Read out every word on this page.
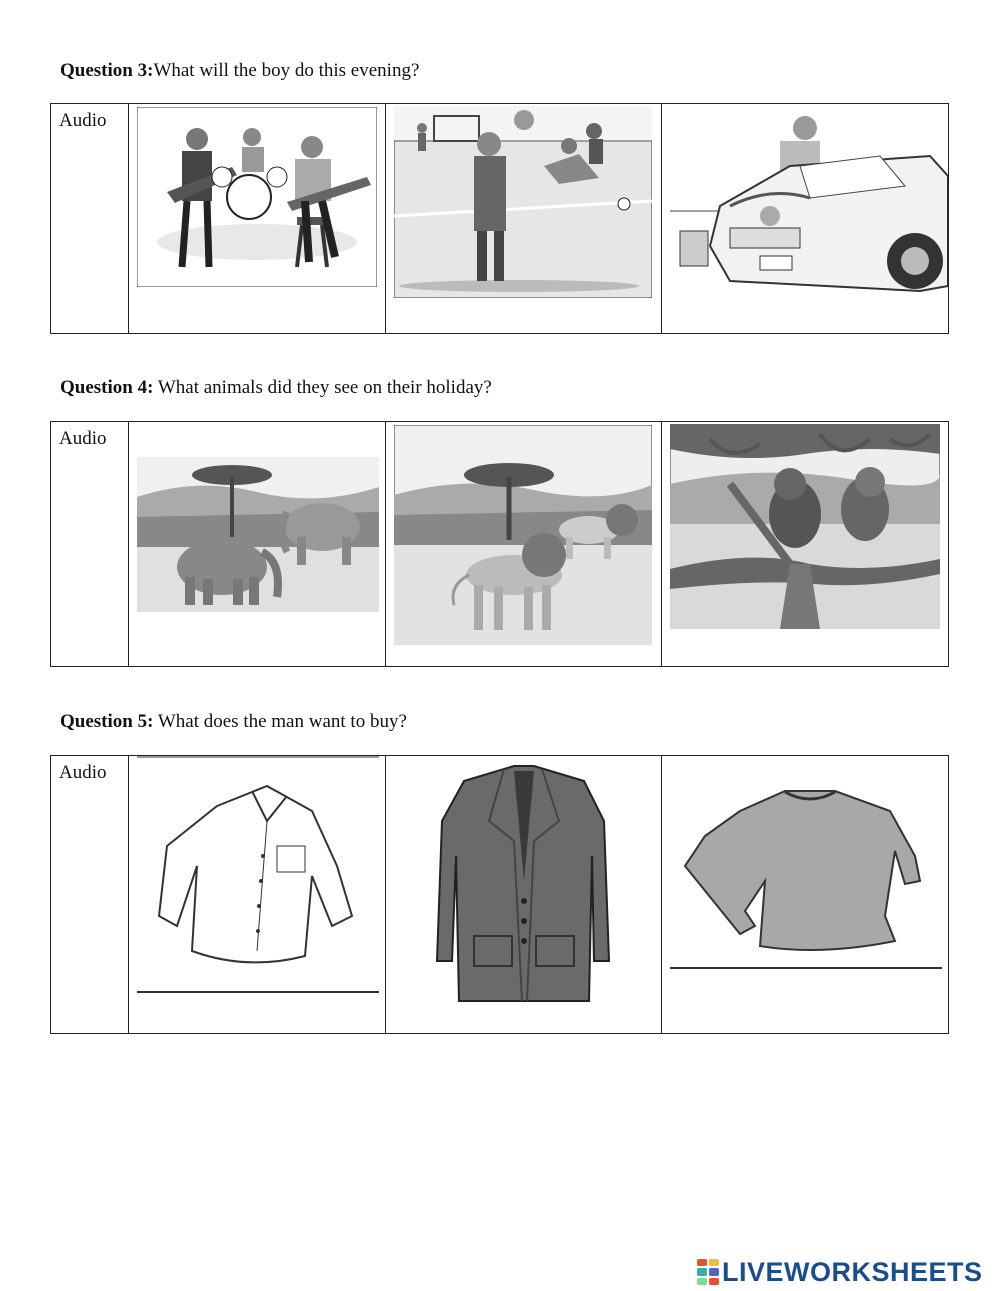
Question 3:What will the boy do this evening?
Audio

Question 4: What animals did they see on their holiday?
Audio

Question 5: What does the man want to buy?
Audio

LIVEWORKSHEETS
